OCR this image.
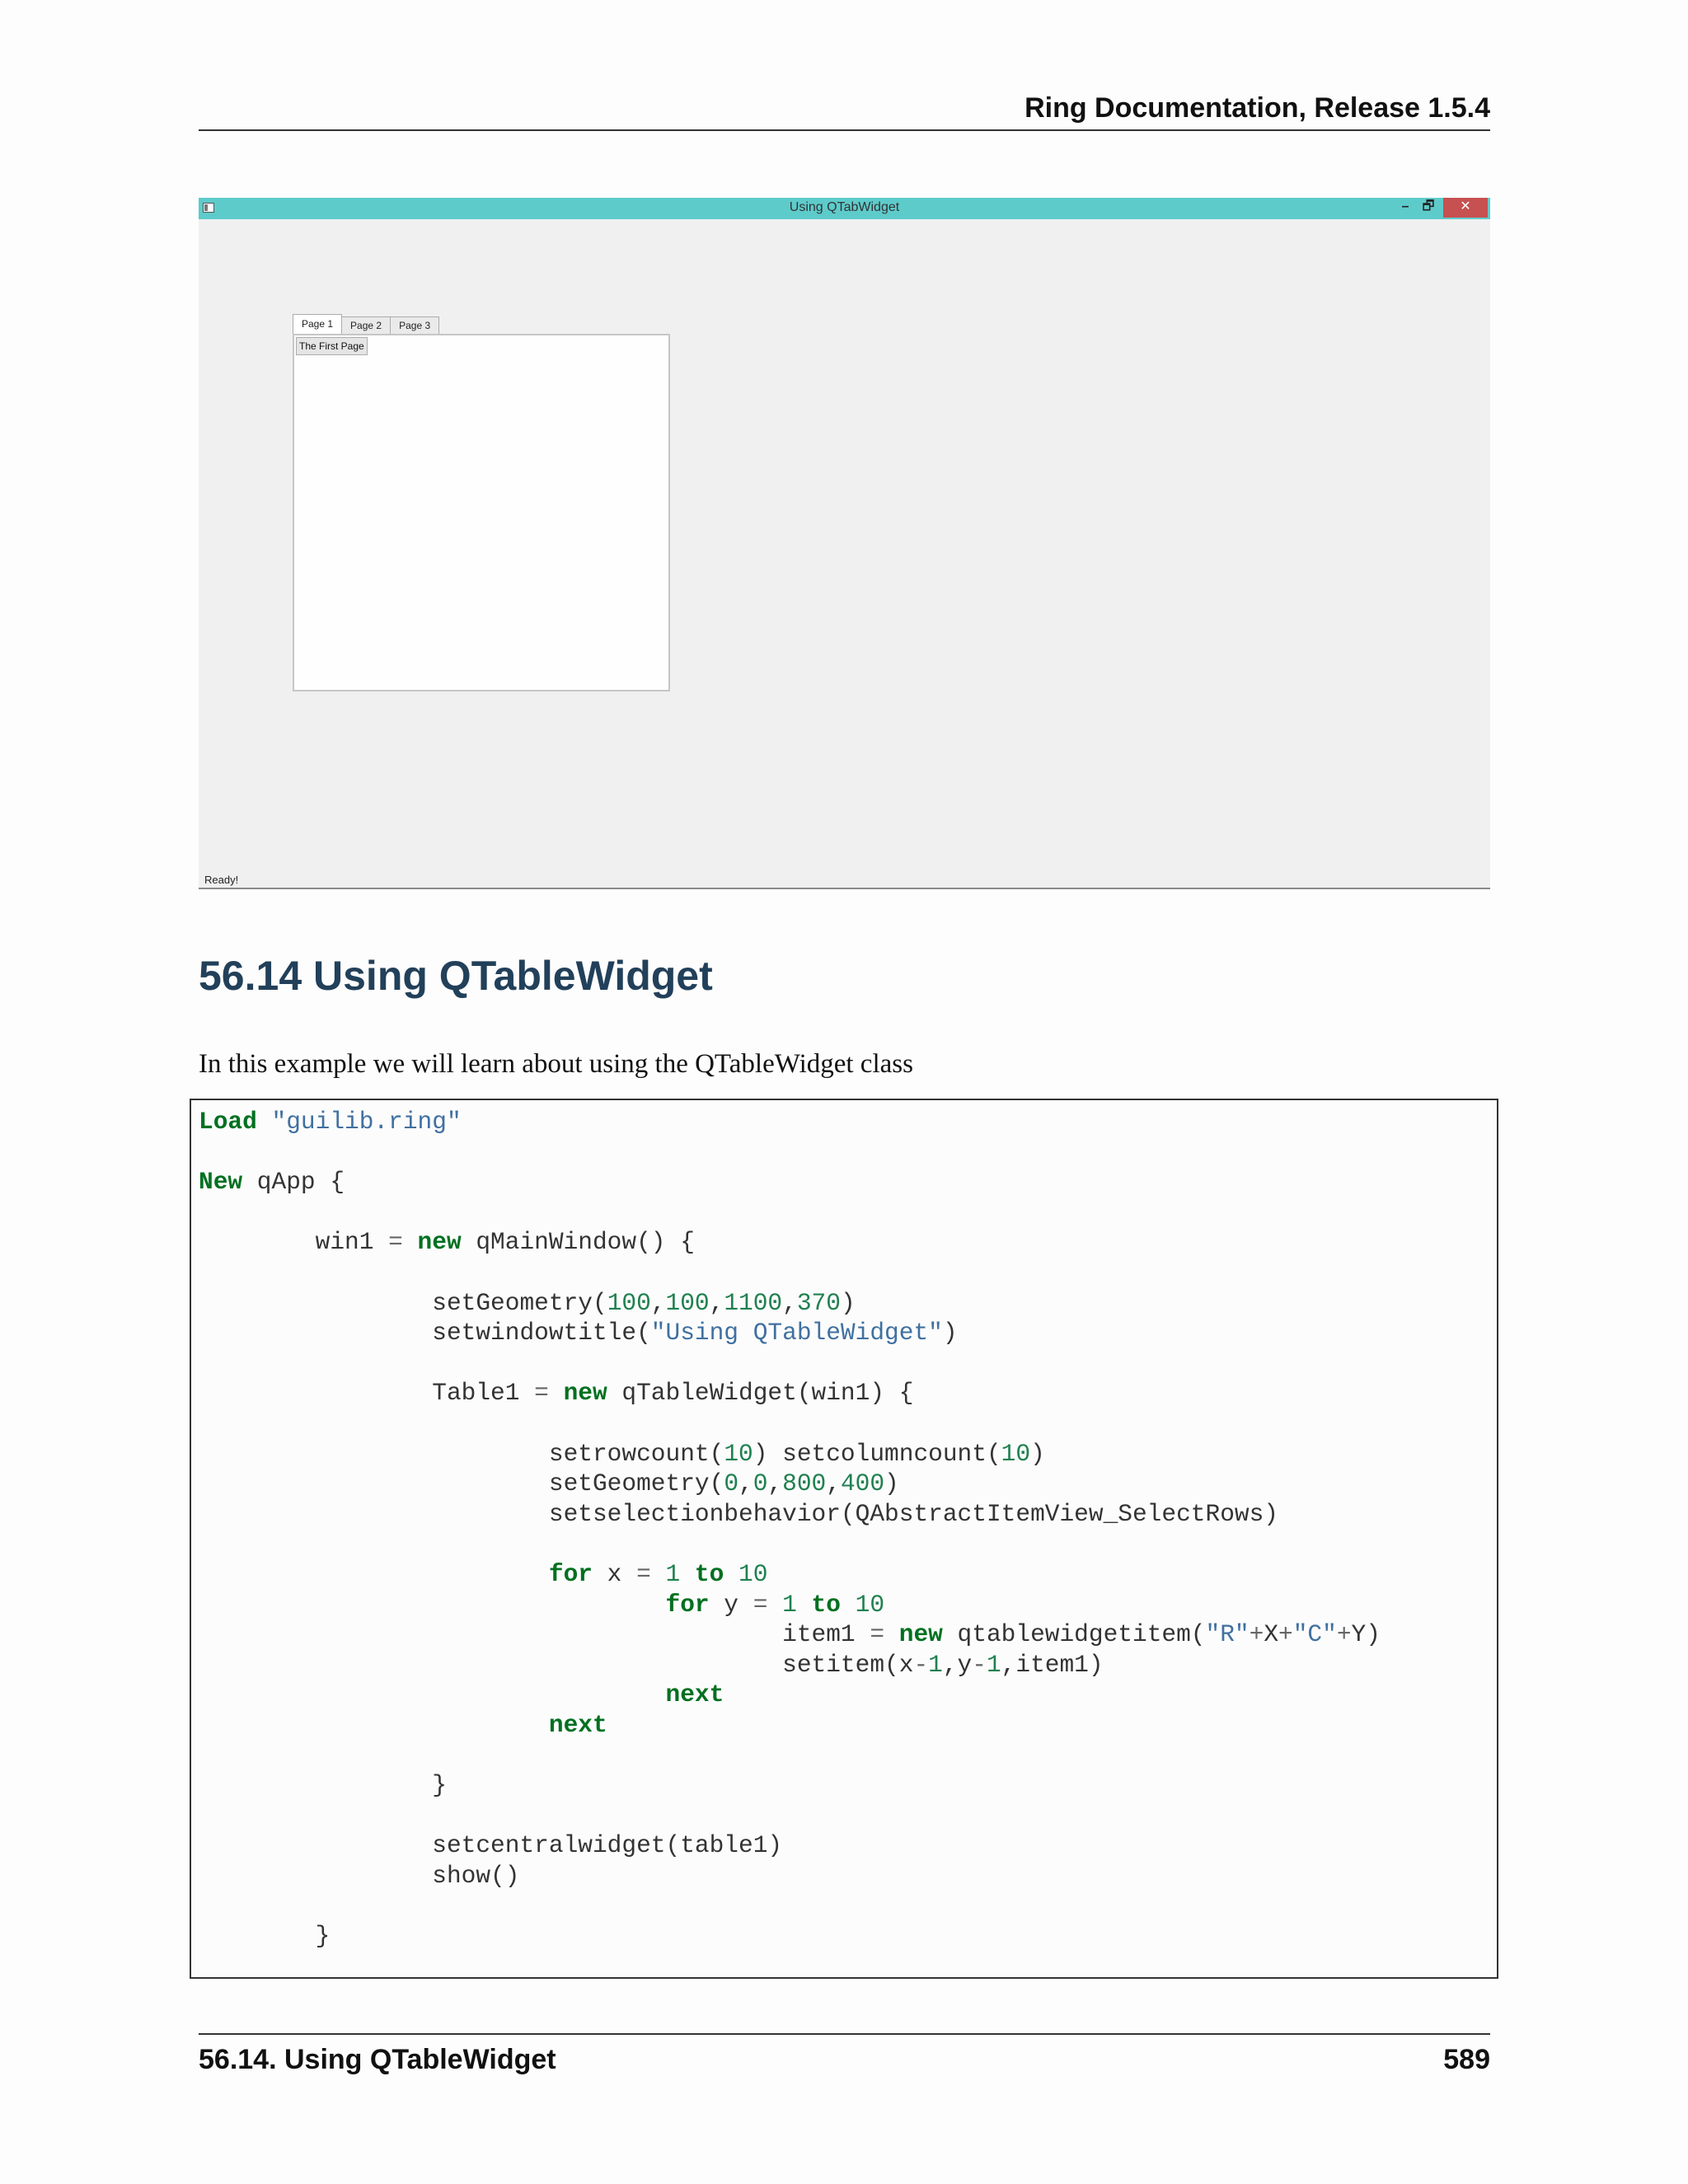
Ring Documentation, Release 1.5.4
Using QTabWidget	–	🗗	✕
Page 1 Page 2 Page 3
The First Page
Ready!
56.14 Using QTableWidget
In this example we will learn about using the QTableWidget class
Load "guilib.ring"

New qApp {

win1 = new qMainWindow() {

setGeometry(100,100,1100,370)
setwindowtitle("Using QTableWidget")

Table1 = new qTableWidget(win1) {

setrowcount(10) setcolumncount(10)
setGeometry(0,0,800,400)
setselectionbehavior(QAbstractItemView_SelectRows)

for x = 1 to 10
for y = 1 to 10
item1 = new qtablewidgetitem("R"+X+"C"+Y)
setitem(x-1,y-1,item1)
next
next

}

setcentralwidget(table1)
show()

}
56.14. Using QTableWidget	589
